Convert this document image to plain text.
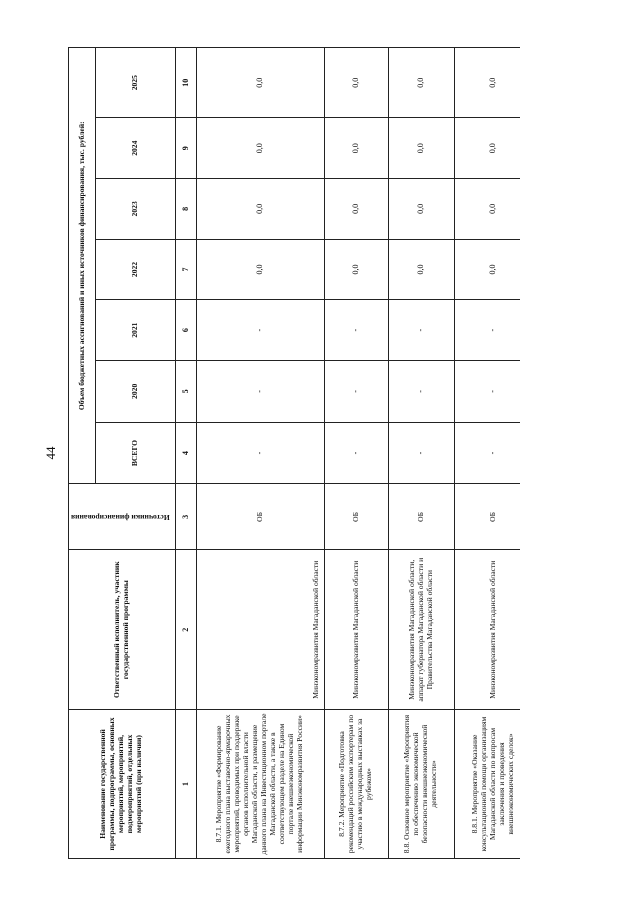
44
Наименование государственной программы, подпрограммы, основных мероприятий, мероприятий, подмероприятий, отдельных мероприятий (при наличии)	Ответственный исполнитель, участник государственной программы	Источники финансирования	Объем бюджетных ассигнований и иных источников финансирования, тыс. рублей:						
			ВСЕГО	2020	2021	2022	2023	2024	2025
1	2	3	4	5	6	7	8	9	10
8.7.1. Мероприятие «Формирование ежегодного плана выставочно-ярмарочных мероприятий, проводимых при поддержке органов исполнительной власти Магаданской области, и размещение данного плана на Инвестиционном портале Магаданской области, а также в соответствующем разделе на Едином портале внешнеэкономической информации Минэкономразвития России»	Минэкономразвития Магаданской области	ОБ	-	-	-	0,0	0,0	0,0	0,0
8.7.2. Мероприятие «Подготовка рекомендаций российским экспортерам по участию в международных выставках за рубежом»	Минэкономразвития Магаданской области	ОБ	-	-	-	0,0	0,0	0,0	0,0
8.8. Основное мероприятие «Мероприятия по обеспечению экономической безопасности внешнеэкономической деятельности»	Минэкономразвития Магаданской области, аппарат губернатора Магаданской области и Правительства Магаданской области	ОБ	-	-	-	0,0	0,0	0,0	0,0
8.8.1. Мероприятие «Оказание консультационной помощи организациям Магаданской области по вопросам заключения и проведения внешнеэкономических сделок»	Минэкономразвития Магаданской области	ОБ	-	-	-	0,0	0,0	0,0	0,0
